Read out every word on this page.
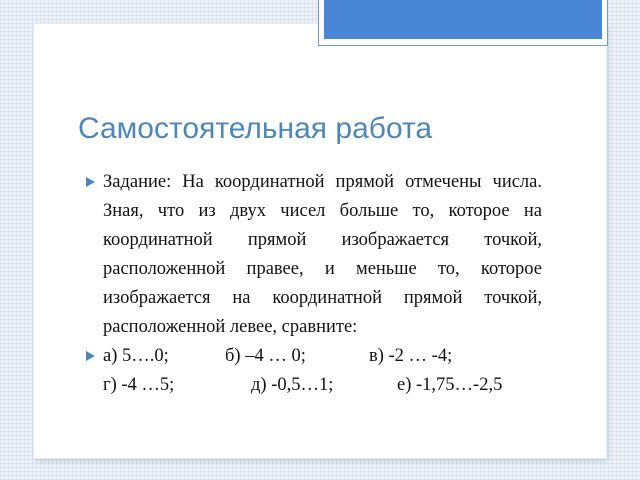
Самостоятельная работа
Задание: На координатной прямой отмечены числа. Зная, что из двух чисел больше то, которое на координатной прямой изображается точкой, расположенной правее, и меньше то, которое изображается на координатной прямой точкой, расположенной левее, сравните:
а) 5….0;	б) –4 … 0;	в) -2 … -4;
г) -4 …5;	д) -0,5…1;	е) -1,75…-2,5
